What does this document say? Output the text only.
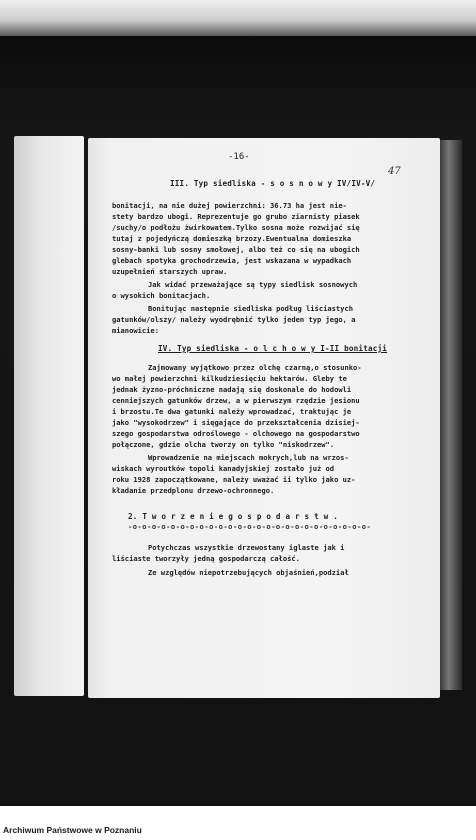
-16-
47
III. Typ siedliska - s o s n o w y IV/IV-V/
bonitacji, na nie dużej powierzchni: 36.73 ha jest nie-
stety bardzo ubogi. Reprezentuje go grubo ziarnisty piasek
/suchy/o podłożu żwirkowatem.Tylko sosna może rozwijać się
tutaj z pojedyńczą domieszką brzozy.Ewentualna domieszka
sosny-banki lub sosny smołowej, albo też co się na ubogich
glebach spotyka grochodrzewia, jest wskazana w wypadkach
uzupełnień starszych upraw.
Jak widać przeważające są typy siedlisk sosnowych
o wysokich bonitacjach.
Bonitując następnie siedliska podług liściastych
gatunków/olszy/ należy wyodrębnić tylko jeden typ jego, a
mianowicie:
IV. Typ siedliska - o l c h o w y I-II bonitacji
Zajmowany wyjątkowo przez olchę czarną,o stosunko-
wo małej powierzchni kilkudziesięciu hektarów. Gleby te
jednak żyzno-próchniczne nadają się doskonale do hodowli
cenniejszych gatunków drzew, a w pierwszym rzędzie jesionu
i brzostu.Te dwa gatunki należy wprowadzać, traktując je
jako "wysokodrzew" i sięgające do przekształcenia dzisiej-
szego gospodarstwa odroślowego - olchowego na gospodarstwo
połączone, gdzie olcha tworzy on tylko "niskodrzew".
Wprowadzenie na miejscach mokrych,lub na wrzos-
wiskach wyroutków topoli kanadyjskiej zostało już od
roku 1928 zapoczątkowane, należy uważać ii tylko jako uz-
kładanie przedplonu drzewo-ochronnego.
2. T w o r z e n i e g o s p o d a r s t w .
-o-o-o-o-o-o-o-o-o-o-o-o-o-o-o-o-o-o-o-o-o-o-o-o-o-
Potychczas wszystkie drzewostany iglaste jak i
liściaste tworzyły jedną gospodarczą całość.
Ze względów niepotrzebujących objaśnień,podział
Archiwum Państwowe w Poznaniu
